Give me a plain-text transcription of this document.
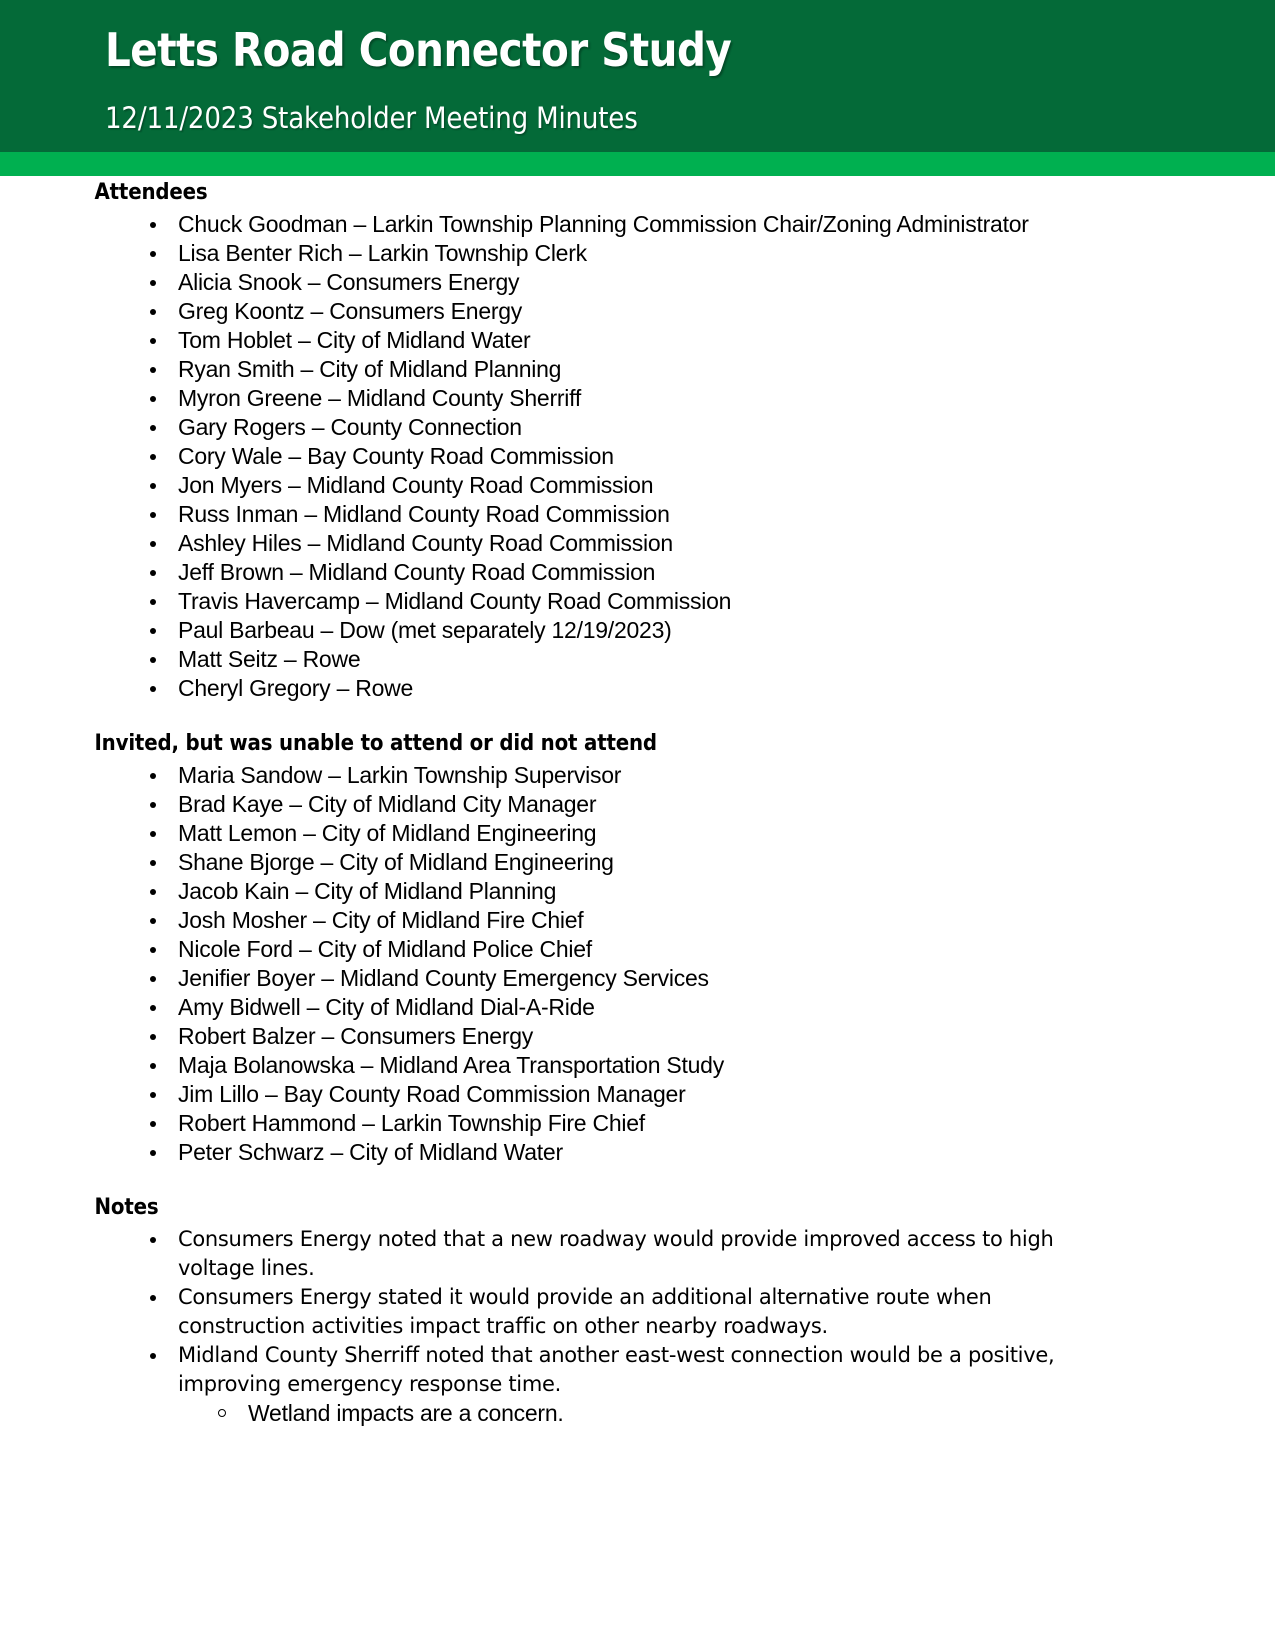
Letts Road Connector Study
12/11/2023 Stakeholder Meeting Minutes
Attendees
Chuck Goodman – Larkin Township Planning Commission Chair/Zoning Administrator
Lisa Benter Rich – Larkin Township Clerk
Alicia Snook – Consumers Energy
Greg Koontz – Consumers Energy
Tom Hoblet – City of Midland Water
Ryan Smith – City of Midland Planning
Myron Greene – Midland County Sherriff
Gary Rogers – County Connection
Cory Wale – Bay County Road Commission
Jon Myers – Midland County Road Commission
Russ Inman – Midland County Road Commission
Ashley Hiles – Midland County Road Commission
Jeff Brown – Midland County Road Commission
Travis Havercamp – Midland County Road Commission
Paul Barbeau – Dow (met separately 12/19/2023)
Matt Seitz – Rowe
Cheryl Gregory – Rowe
Invited, but was unable to attend or did not attend
Maria Sandow – Larkin Township Supervisor
Brad Kaye – City of Midland City Manager
Matt Lemon – City of Midland Engineering
Shane Bjorge – City of Midland Engineering
Jacob Kain – City of Midland Planning
Josh Mosher – City of Midland Fire Chief
Nicole Ford – City of Midland Police Chief
Jenifier Boyer – Midland County Emergency Services
Amy Bidwell – City of Midland Dial-A-Ride
Robert Balzer – Consumers Energy
Maja Bolanowska – Midland Area Transportation Study
Jim Lillo – Bay County Road Commission Manager
Robert Hammond – Larkin Township Fire Chief
Peter Schwarz – City of Midland Water
Notes
Consumers Energy noted that a new roadway would provide improved access to high voltage lines.
Consumers Energy stated it would provide an additional alternative route when construction activities impact traffic on other nearby roadways.
Midland County Sherriff noted that another east-west connection would be a positive, improving emergency response time.
Wetland impacts are a concern.
